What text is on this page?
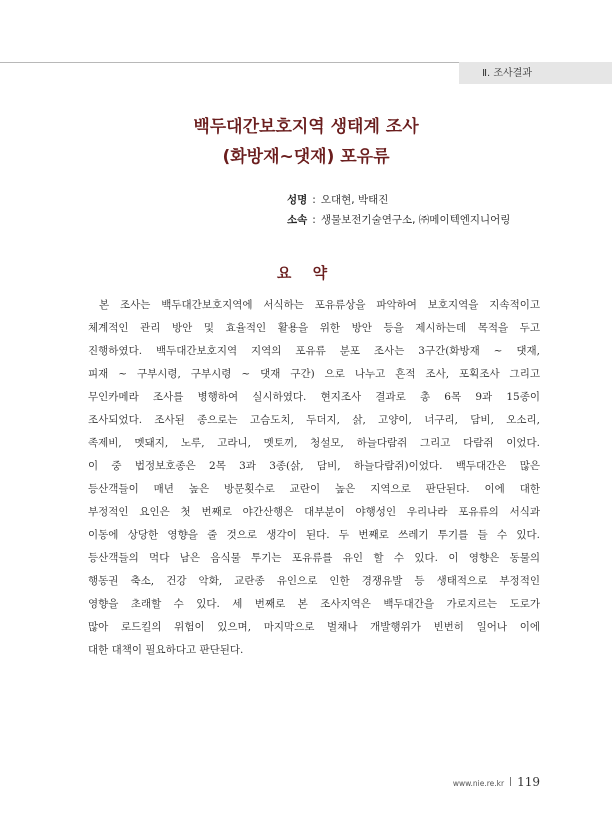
Ⅱ. 조사결과
백두대간보호지역 생태계 조사
(화방재~댓재) 포유류
성명 : 오대현, 박태진
소속 : 생물보전기술연구소, ㈜메이텍엔지니어링
요 약
본 조사는 백두대간보호지역에 서식하는 포유류상을 파악하여 보호지역을 지속적이고
체계적인 관리 방안 및 효율적인 활용을 위한 방안 등을 제시하는데 목적을 두고
진행하였다. 백두대간보호지역 지역의 포유류 분포 조사는 3구간(화방재 ~ 댓재,
피재 ~ 구부시령, 구부시령 ~ 댓재 구간) 으로 나누고 흔적 조사, 포획조사 그리고
무인카메라 조사를 병행하여 실시하였다. 현지조사 결과로 총 6목 9과 15종이
조사되었다. 조사된 종으로는 고슴도치, 두더지, 삵, 고양이, 너구리, 담비, 오소리,
족제비, 멧돼지, 노루, 고라니, 멧토끼, 청설모, 하늘다람쥐 그리고 다람쥐 이었다.
이 중 법정보호종은 2목 3과 3종(삵, 담비, 하늘다람쥐)이었다. 백두대간은 많은
등산객들이 매년 높은 방문횟수로 교란이 높은 지역으로 판단된다. 이에 대한
부정적인 요인은 첫 번째로 야간산행은 대부분이 야행성인 우리나라 포유류의 서식과
이동에 상당한 영향을 줄 것으로 생각이 된다. 두 번째로 쓰레기 투기를 들 수 있다.
등산객들의 먹다 남은 음식물 투기는 포유류를 유인 할 수 있다. 이 영향은 동물의
행동권 축소, 건강 악화, 교란종 유인으로 인한 경쟁유발 등 생태적으로 부정적인
영향을 초래할 수 있다. 세 번째로 본 조사지역은 백두대간을 가로지르는 도로가
많아 로드킬의 위험이 있으며, 마지막으로 벌채나 개발행위가 빈번히 일어나 이에
대한 대책이 필요하다고 판단된다.
www.nie.re.kr 119
